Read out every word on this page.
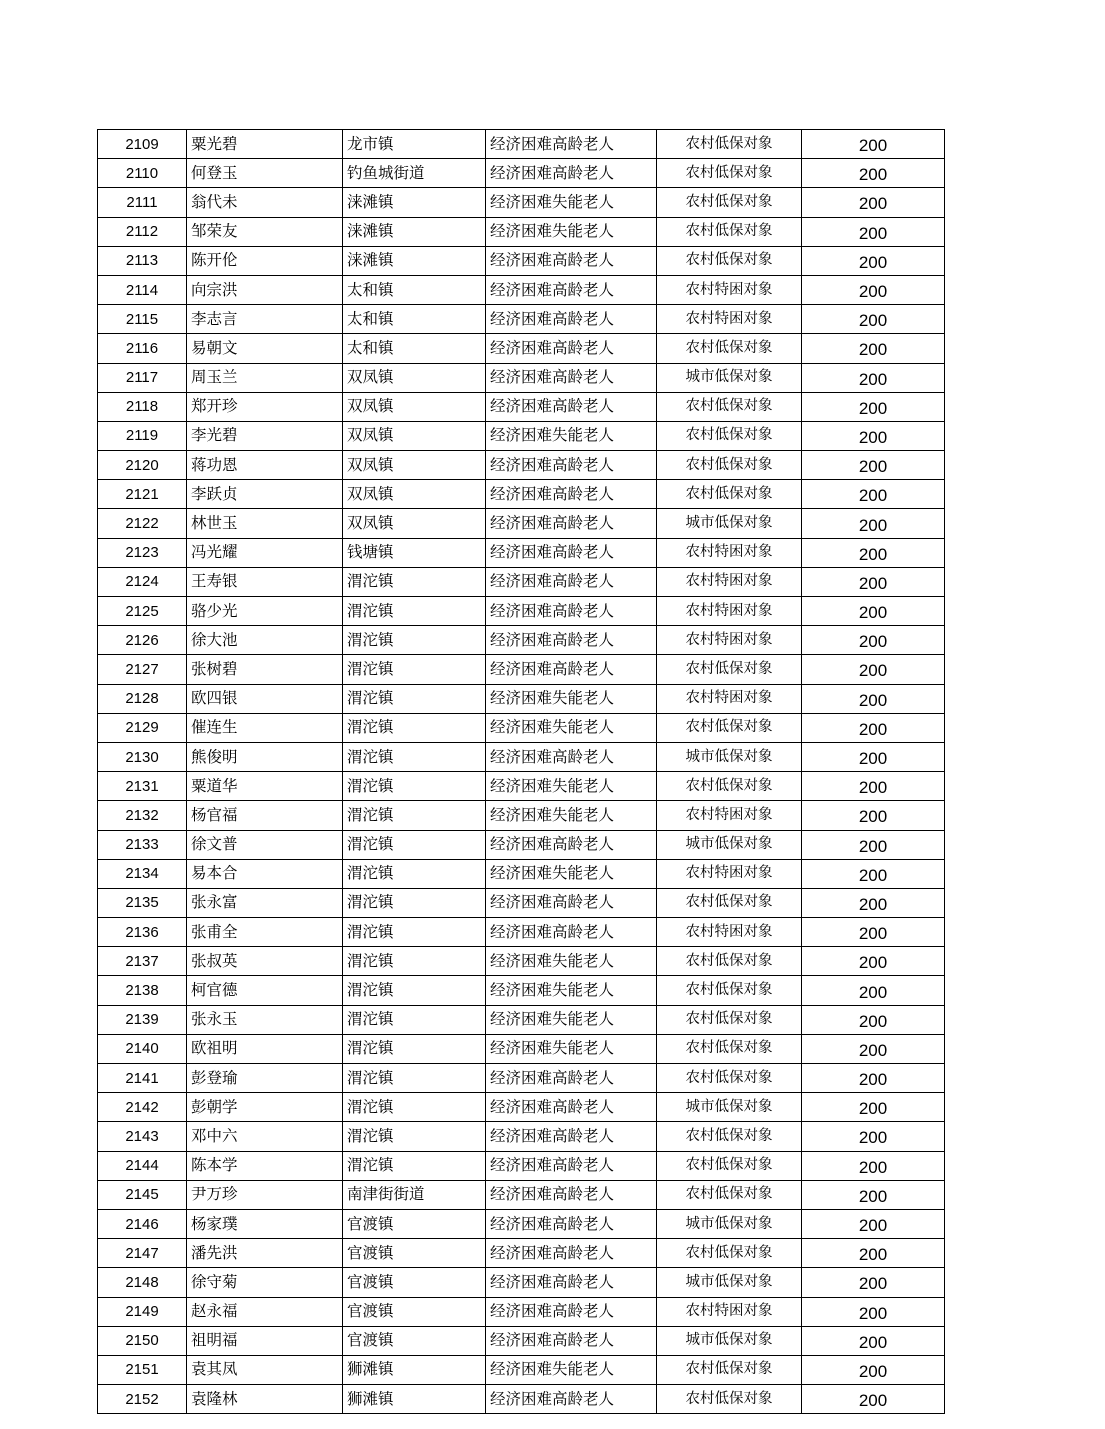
2109	粟光碧	龙市镇	经济困难高龄老人	农村低保对象	200
2110	何登玉	钓鱼城街道	经济困难高龄老人	农村低保对象	200
2111	翁代未	涞滩镇	经济困难失能老人	农村低保对象	200
2112	邹荣友	涞滩镇	经济困难失能老人	农村低保对象	200
2113	陈开伦	涞滩镇	经济困难高龄老人	农村低保对象	200
2114	向宗洪	太和镇	经济困难高龄老人	农村特困对象	200
2115	李志言	太和镇	经济困难高龄老人	农村特困对象	200
2116	易朝文	太和镇	经济困难高龄老人	农村低保对象	200
2117	周玉兰	双凤镇	经济困难高龄老人	城市低保对象	200
2118	郑开珍	双凤镇	经济困难高龄老人	农村低保对象	200
2119	李光碧	双凤镇	经济困难失能老人	农村低保对象	200
2120	蒋功恩	双凤镇	经济困难高龄老人	农村低保对象	200
2121	李跃贞	双凤镇	经济困难高龄老人	农村低保对象	200
2122	林世玉	双凤镇	经济困难高龄老人	城市低保对象	200
2123	冯光耀	钱塘镇	经济困难高龄老人	农村特困对象	200
2124	王寿银	渭沱镇	经济困难高龄老人	农村特困对象	200
2125	骆少光	渭沱镇	经济困难高龄老人	农村特困对象	200
2126	徐大池	渭沱镇	经济困难高龄老人	农村特困对象	200
2127	张树碧	渭沱镇	经济困难高龄老人	农村低保对象	200
2128	欧四银	渭沱镇	经济困难失能老人	农村特困对象	200
2129	催连生	渭沱镇	经济困难失能老人	农村低保对象	200
2130	熊俊明	渭沱镇	经济困难高龄老人	城市低保对象	200
2131	粟道华	渭沱镇	经济困难失能老人	农村低保对象	200
2132	杨官福	渭沱镇	经济困难失能老人	农村特困对象	200
2133	徐文普	渭沱镇	经济困难高龄老人	城市低保对象	200
2134	易本合	渭沱镇	经济困难失能老人	农村特困对象	200
2135	张永富	渭沱镇	经济困难高龄老人	农村低保对象	200
2136	张甫全	渭沱镇	经济困难高龄老人	农村特困对象	200
2137	张叔英	渭沱镇	经济困难失能老人	农村低保对象	200
2138	柯官德	渭沱镇	经济困难失能老人	农村低保对象	200
2139	张永玉	渭沱镇	经济困难失能老人	农村低保对象	200
2140	欧祖明	渭沱镇	经济困难失能老人	农村低保对象	200
2141	彭登瑜	渭沱镇	经济困难高龄老人	农村低保对象	200
2142	彭朝学	渭沱镇	经济困难高龄老人	城市低保对象	200
2143	邓中六	渭沱镇	经济困难高龄老人	农村低保对象	200
2144	陈本学	渭沱镇	经济困难高龄老人	农村低保对象	200
2145	尹万珍	南津街街道	经济困难高龄老人	农村低保对象	200
2146	杨家璞	官渡镇	经济困难高龄老人	城市低保对象	200
2147	潘先洪	官渡镇	经济困难高龄老人	农村低保对象	200
2148	徐守菊	官渡镇	经济困难高龄老人	城市低保对象	200
2149	赵永福	官渡镇	经济困难高龄老人	农村特困对象	200
2150	祖明福	官渡镇	经济困难高龄老人	城市低保对象	200
2151	袁其凤	狮滩镇	经济困难失能老人	农村低保对象	200
2152	袁隆林	狮滩镇	经济困难高龄老人	农村低保对象	200
